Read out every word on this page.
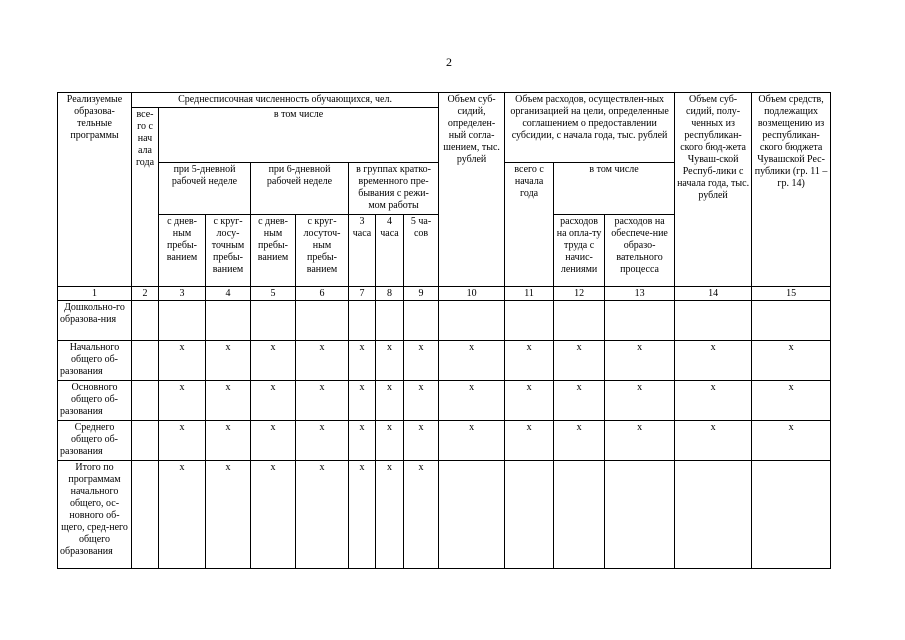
2
Реализуемые образова-тельные программы	Среднесписочная численность обучающихся, чел.								Объем суб-сидий, определен-ный согла-шением, тыс. рублей	Объем расходов, осуществлен-ных организацией на цели, определенные соглашением о предоставлении субсидии, с начала года, тыс. рублей			Объем суб-сидий, полу-ченных из республикан-ского бюд-жета Чуваш-ской Респуб-лики с начала года, тыс. рублей	Объем средств, подлежащих возмещению из республикан-ского бюджета Чувашской Рес-публики (гр. 11 – гр. 14)
	все-го с нач ала года	в том числе												
		при 5-дневной рабочей неделе		при 6-дневной рабочей неделе		в группах кратко-временного пре-бывания с режи-мом работы				всего с начала года	в том числе			
		с днев-ным пребы-ванием	с круг-лосу-точным пребы-ванием	с днев-ным пребы-ванием	с круг-лосуточ-ным пребы-ванием	3 часа	4 часа	5 ча-сов			расходов на опла-ту труда с начис-лениями	расходов на обеспече-ние образо-вательного процесса		
1	2	3	4	5	6	7	8	9	10	11	12	13	14	15
Дошкольно-го образова-ния														
Начального общего об-разования		x	x	x	x	x	x	x	x	x	x	x	x	x
Основного общего об-разования		x	x	x	x	x	x	x	x	x	x	x	x	x
Среднего общего об-разования		x	x	x	x	x	x	x	x	x	x	x	x	x
Итого по программам начального общего, ос-новного об-щего, сред-него общего образования		x	x	x	x	x	x	x						
